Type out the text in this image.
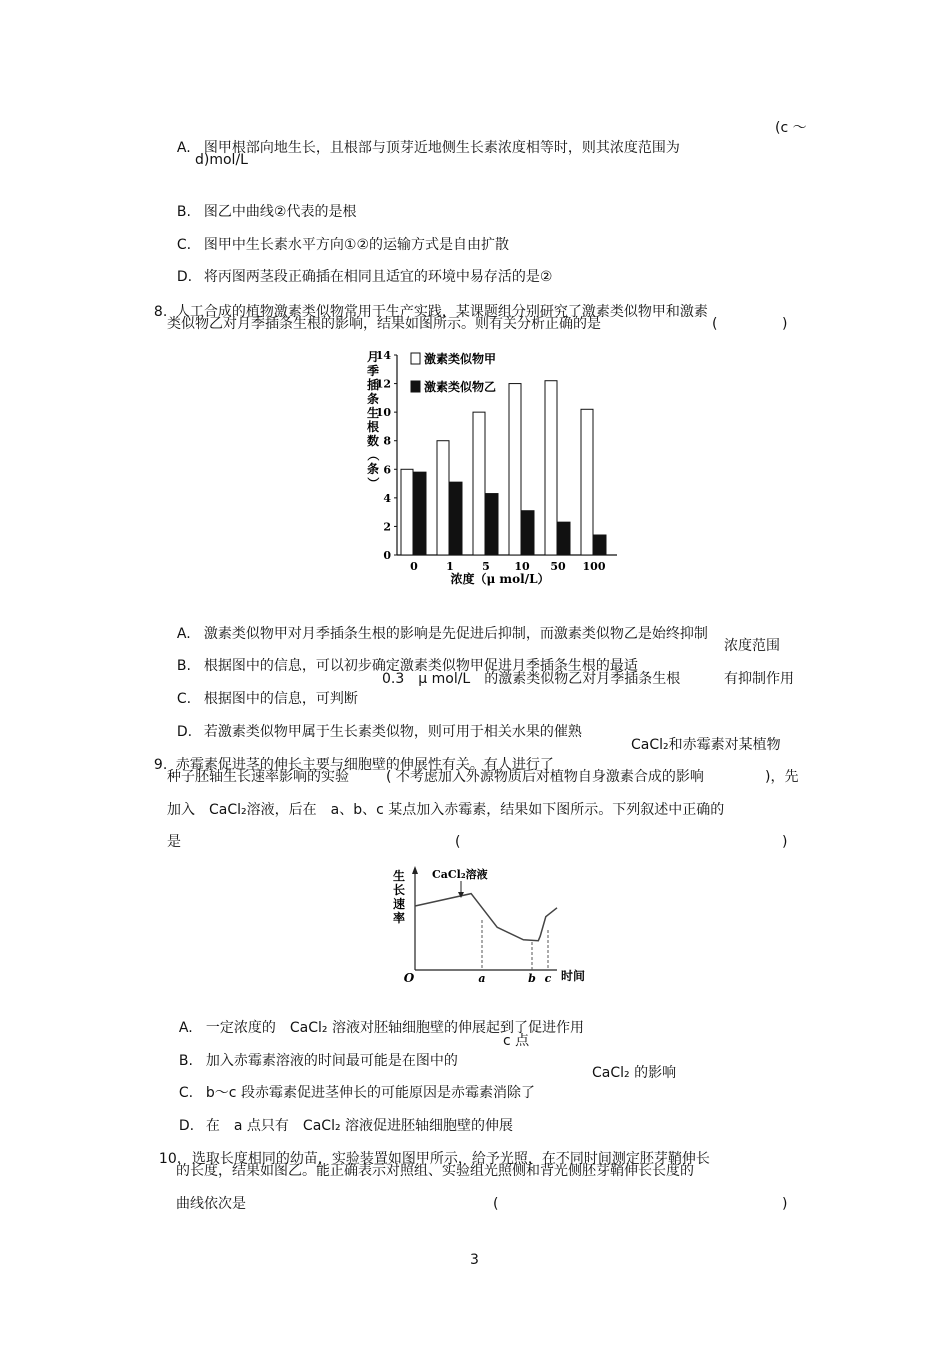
A. 图甲根部向地生长，且根部与顶芽近地侧生长素浓度相等时，则其浓度范围为

(c ～
d)mol/L

B. 图乙中曲线②代表的是根

C. 图甲中生长素水平方向①②的运输方式是自由扩散

D. 将丙图两茎段正确插在相同且适宜的环境中易存活的是②

8. 人工合成的植物激素类似物常用于生产实践，某课题组分别研究了激素类似物甲和激素

类似物乙对月季插条生根的影响，结果如图所示。则有关分析正确的是	(	)
月
季
插
条
生
根
数
（
条
）
0
2
4
6
8
10
12
14
0	1	5 10 50 100
激素类似物甲
激素类似物乙
浓度（μ mol/L）

A. 激素类似物甲对月季插条生根的影响是先促进后抑制，而激素类似物乙是始终抑制

B. 根据图中的信息，可以初步确定激素类似物甲促进月季插条生根的最适

浓度范围

C. 根据图中的信息，可判断

0.3　μ mol/L　的激素类似物乙对月季插条生根	有抑制作用

D. 若激素类似物甲属于生长素类似物，则可用于相关水果的催熟

9. 赤霉素促进茎的伸长主要与细胞壁的伸展性有关。有人进行了

CaCl₂和赤霉素对某植物
种子胚轴生长速率影响的实验	( 不考虑加入外源物质后对植物自身激素合成的影响	)，先
加入　CaCl₂溶液，后在　a、b、c 某点加入赤霉素，结果如下图所示。下列叙述中正确的
是	(	)
生
长
速
率
CaCl₂溶液
a	b c
O	时间

A. 一定浓度的　CaCl₂ 溶液对胚轴细胞壁的伸展起到了促进作用

B. 加入赤霉素溶液的时间最可能是在图中的

c 点

C. b～c 段赤霉素促进茎伸长的可能原因是赤霉素消除了

CaCl₂ 的影响

D. 在　a 点只有　CaCl₂ 溶液促进胚轴细胞壁的伸展

10. 选取长度相同的幼苗，实验装置如图甲所示，给予光照，在不同时间测定胚芽鞘伸长

的长度，结果如图乙。能正确表示对照组、实验组光照侧和背光侧胚芽鞘伸长长度的
曲线依次是	(	)
3
